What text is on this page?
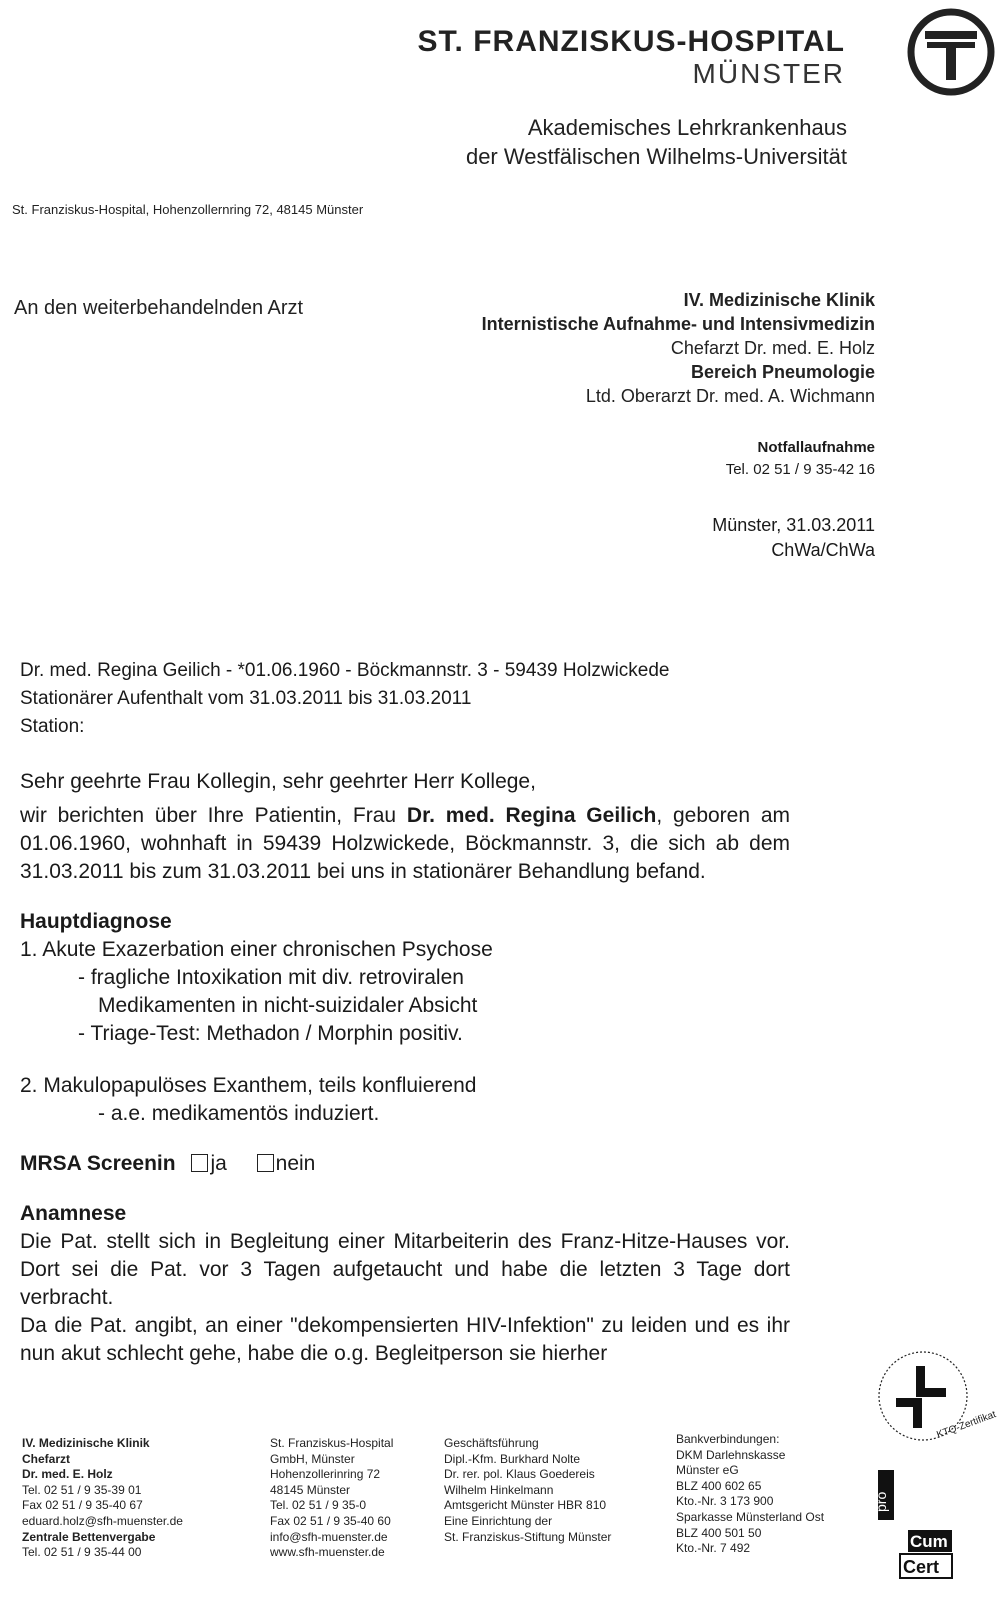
ST. FRANZISKUS-HOSPITAL
MÜNSTER
Akademisches Lehrkrankenhaus
der Westfälischen Wilhelms-Universität
St. Franziskus-Hospital, Hohenzollernring 72, 48145 Münster
An den weiterbehandelnden Arzt	IV. Medizinische Klinik
Internistische Aufnahme- und Intensivmedizin
Chefarzt Dr. med. E. Holz
Bereich Pneumologie
Ltd. Oberarzt Dr. med. A. Wichmann
Notfallaufnahme
Tel. 02 51 / 9 35-42 16
Münster, 31.03.2011
ChWa/ChWa
Dr. med. Regina Geilich - *01.06.1960 - Böckmannstr. 3 - 59439 Holzwickede
Stationärer Aufenthalt vom 31.03.2011 bis 31.03.2011
Station:

Sehr geehrte Frau Kollegin, sehr geehrter Herr Kollege,

wir berichten über Ihre Patientin, Frau Dr. med. Regina Geilich, geboren am 01.06.1960, wohnhaft in 59439 Holzwickede, Böckmannstr. 3, die sich ab dem 31.03.2011 bis zum 31.03.2011 bei uns in stationärer Behandlung befand.

Hauptdiagnose

1. Akute Exazerbation einer chronischen Psychose

- fragliche Intoxikation mit div. retroviralen

Medikamenten in nicht-suizidaler Absicht

- Triage-Test: Methadon / Morphin positiv.

2. Makulopapulöses Exanthem, teils konfluierend

- a.e. medikamentös induziert.

MRSA Screenin ja nein

Anamnese

Die Pat. stellt sich in Begleitung einer Mitarbeiterin des Franz-Hitze-Hauses vor. Dort sei die Pat. vor 3 Tagen aufgetaucht und habe die letzten 3 Tage dort verbracht.

Da die Pat. angibt, an einer "dekompensierten HIV-Infektion" zu leiden und es ihr nun akut schlecht gehe, habe die o.g. Begleitperson sie hierher

KTQ-Zertifikat
pro
Cum
Cert
IV. Medizinische Klinik
Chefarzt
Dr. med. E. Holz
Tel. 02 51 / 9 35-39 01
Fax 02 51 / 9 35-40 67
eduard.holz@sfh-muenster.de
Zentrale Bettenvergabe
Tel. 02 51 / 9 35-44 00
St. Franziskus-Hospital
GmbH, Münster
Hohenzollerinring 72
48145 Münster
Tel. 02 51 / 9 35-0
Fax 02 51 / 9 35-40 60
info@sfh-muenster.de
www.sfh-muenster.de
Geschäftsführung
Dipl.-Kfm. Burkhard Nolte
Dr. rer. pol. Klaus Goedereis
Wilhelm Hinkelmann
Amtsgericht Münster HBR 810
Eine Einrichtung der
St. Franziskus-Stiftung Münster
Bankverbindungen:
DKM Darlehnskasse
Münster eG
BLZ 400 602 65
Kto.-Nr. 3 173 900
Sparkasse Münsterland Ost
BLZ 400 501 50
Kto.-Nr. 7 492
